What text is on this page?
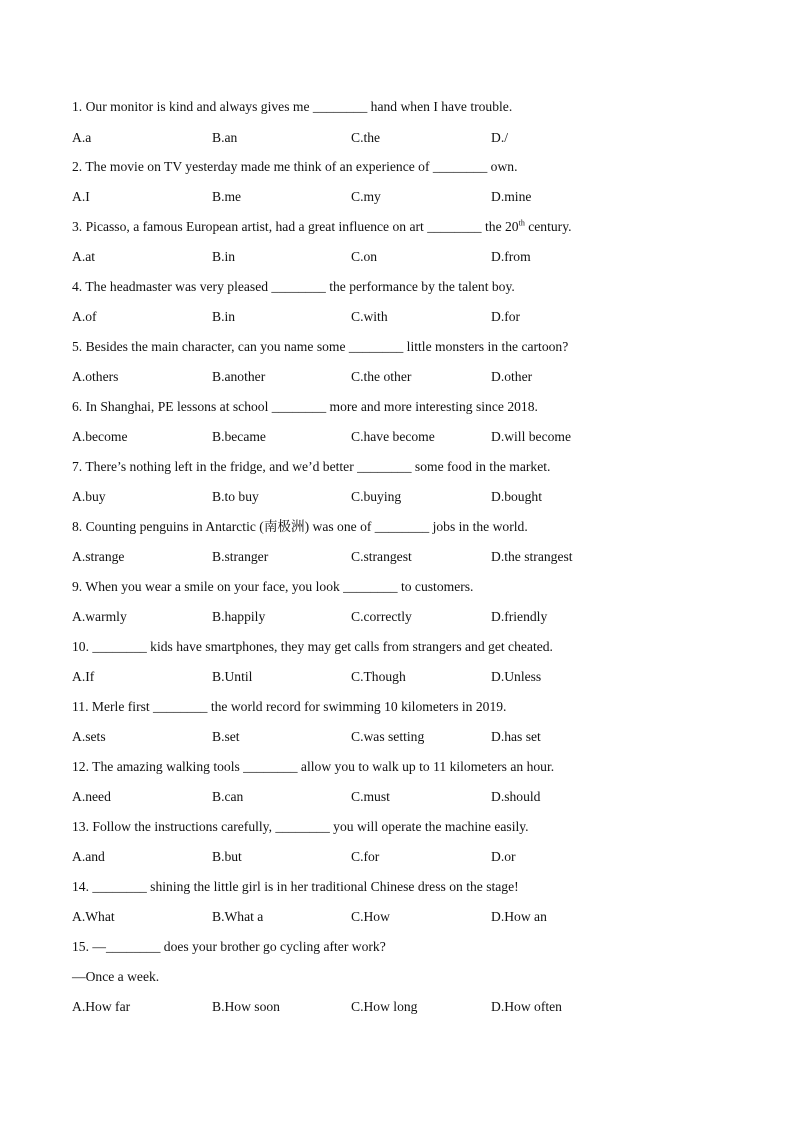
1. Our monitor is kind and always gives me ________ hand when I have trouble.
A.a	B.an	C.the	D./
2. The movie on TV yesterday made me think of an experience of ________ own.
A.I	B.me	C.my	D.mine
3. Picasso, a famous European artist, had a great influence on art ________ the 20th century.
A.at	B.in	C.on	D.from
4. The headmaster was very pleased ________ the performance by the talent boy.
A.of	B.in	C.with	D.for
5. Besides the main character, can you name some ________ little monsters in the cartoon?
A.others	B.another	C.the other	D.other
6. In Shanghai, PE lessons at school ________ more and more interesting since 2018.
A.become	B.became	C.have become	D.will become
7. There’s nothing left in the fridge, and we’d better ________ some food in the market.
A.buy	B.to buy	C.buying	D.bought
8. Counting penguins in Antarctic (南极洲) was one of ________ jobs in the world.
A.strange	B.stranger	C.strangest	D.the strangest
9. When you wear a smile on your face, you look ________ to customers.
A.warmly	B.happily	C.correctly	D.friendly
10. ________ kids have smartphones, they may get calls from strangers and get cheated.
A.If	B.Until	C.Though	D.Unless
11. Merle first ________ the world record for swimming 10 kilometers in 2019.
A.sets	B.set	C.was setting	D.has set
12. The amazing walking tools ________ allow you to walk up to 11 kilometers an hour.
A.need	B.can	C.must	D.should
13. Follow the instructions carefully, ________ you will operate the machine easily.
A.and	B.but	C.for	D.or
14. ________ shining the little girl is in her traditional Chinese dress on the stage!
A.What	B.What a	C.How	D.How an
15. —________ does your brother go cycling after work?
—Once a week.
A.How far	B.How soon	C.How long	D.How often
